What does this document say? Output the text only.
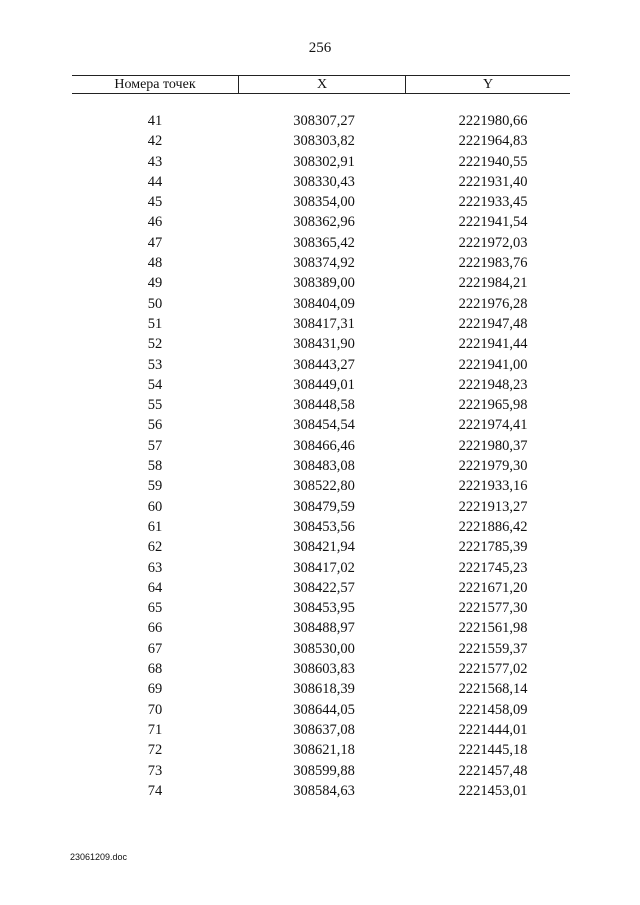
256
Номера точек	X	Y
41	308307,27	2221980,66
42	308303,82	2221964,83
43	308302,91	2221940,55
44	308330,43	2221931,40
45	308354,00	2221933,45
46	308362,96	2221941,54
47	308365,42	2221972,03
48	308374,92	2221983,76
49	308389,00	2221984,21
50	308404,09	2221976,28
51	308417,31	2221947,48
52	308431,90	2221941,44
53	308443,27	2221941,00
54	308449,01	2221948,23
55	308448,58	2221965,98
56	308454,54	2221974,41
57	308466,46	2221980,37
58	308483,08	2221979,30
59	308522,80	2221933,16
60	308479,59	2221913,27
61	308453,56	2221886,42
62	308421,94	2221785,39
63	308417,02	2221745,23
64	308422,57	2221671,20
65	308453,95	2221577,30
66	308488,97	2221561,98
67	308530,00	2221559,37
68	308603,83	2221577,02
69	308618,39	2221568,14
70	308644,05	2221458,09
71	308637,08	2221444,01
72	308621,18	2221445,18
73	308599,88	2221457,48
74	308584,63	2221453,01
23061209.doc
